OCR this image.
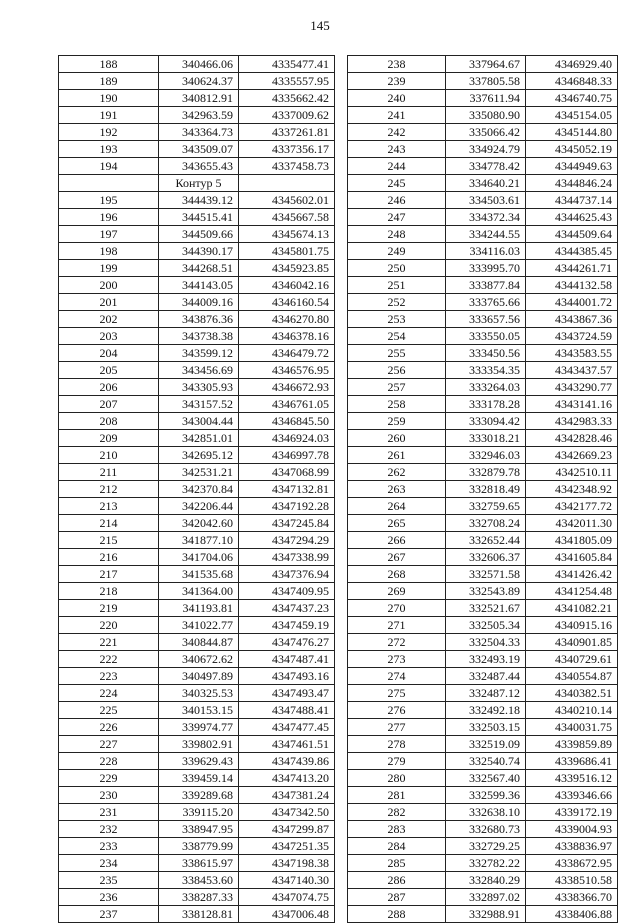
145
188	340466.06	4335477.41
189	340624.37	4335557.95
190	340812.91	4335662.42
191	342963.59	4337009.62
192	343364.73	4337261.81
193	343509.07	4337356.17
194	343655.43	4337458.73
	Контур 5	
195	344439.12	4345602.01
196	344515.41	4345667.58
197	344509.66	4345674.13
198	344390.17	4345801.75
199	344268.51	4345923.85
200	344143.05	4346042.16
201	344009.16	4346160.54
202	343876.36	4346270.80
203	343738.38	4346378.16
204	343599.12	4346479.72
205	343456.69	4346576.95
206	343305.93	4346672.93
207	343157.52	4346761.05
208	343004.44	4346845.50
209	342851.01	4346924.03
210	342695.12	4346997.78
211	342531.21	4347068.99
212	342370.84	4347132.81
213	342206.44	4347192.28
214	342042.60	4347245.84
215	341877.10	4347294.29
216	341704.06	4347338.99
217	341535.68	4347376.94
218	341364.00	4347409.95
219	341193.81	4347437.23
220	341022.77	4347459.19
221	340844.87	4347476.27
222	340672.62	4347487.41
223	340497.89	4347493.16
224	340325.53	4347493.47
225	340153.15	4347488.41
226	339974.77	4347477.45
227	339802.91	4347461.51
228	339629.43	4347439.86
229	339459.14	4347413.20
230	339289.68	4347381.24
231	339115.20	4347342.50
232	338947.95	4347299.87
233	338779.99	4347251.35
234	338615.97	4347198.38
235	338453.60	4347140.30
236	338287.33	4347074.75
237	338128.81	4347006.48
238	337964.67	4346929.40
239	337805.58	4346848.33
240	337611.94	4346740.75
241	335080.90	4345154.05
242	335066.42	4345144.80
243	334924.79	4345052.19
244	334778.42	4344949.63
245	334640.21	4344846.24
246	334503.61	4344737.14
247	334372.34	4344625.43
248	334244.55	4344509.64
249	334116.03	4344385.45
250	333995.70	4344261.71
251	333877.84	4344132.58
252	333765.66	4344001.72
253	333657.56	4343867.36
254	333550.05	4343724.59
255	333450.56	4343583.55
256	333354.35	4343437.57
257	333264.03	4343290.77
258	333178.28	4343141.16
259	333094.42	4342983.33
260	333018.21	4342828.46
261	332946.03	4342669.23
262	332879.78	4342510.11
263	332818.49	4342348.92
264	332759.65	4342177.72
265	332708.24	4342011.30
266	332652.44	4341805.09
267	332606.37	4341605.84
268	332571.58	4341426.42
269	332543.89	4341254.48
270	332521.67	4341082.21
271	332505.34	4340915.16
272	332504.33	4340901.85
273	332493.19	4340729.61
274	332487.44	4340554.87
275	332487.12	4340382.51
276	332492.18	4340210.14
277	332503.15	4340031.75
278	332519.09	4339859.89
279	332540.74	4339686.41
280	332567.40	4339516.12
281	332599.36	4339346.66
282	332638.10	4339172.19
283	332680.73	4339004.93
284	332729.25	4338836.97
285	332782.22	4338672.95
286	332840.29	4338510.58
287	332897.02	4338366.70
288	332988.91	4338406.88
